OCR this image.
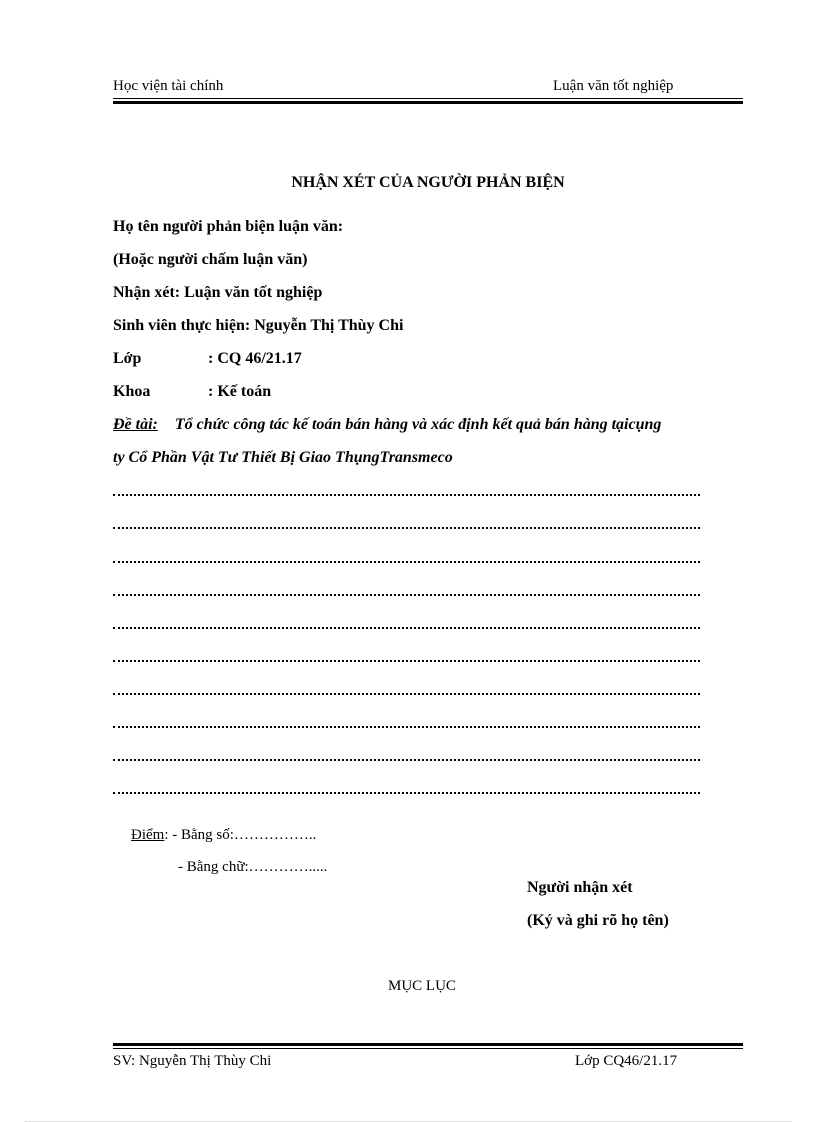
Học viện tài chính	Luận văn tốt nghiệp
NHẬN XÉT CỦA NGƯỜI PHẢN BIỆN
Họ tên người phản biện luận văn:
(Hoặc người chấm luận văn)
Nhận xét: Luận văn tốt nghiệp
Sinh viên thực hiện: Nguyễn Thị Thùy Chi
Lớp	: CQ 46/21.17
Khoa	: Kế toán
Đề tài: Tổ chức công tác kế toán bán hàng và xác định kết quả bán hàng tạicụng
ty Cổ Phần Vật Tư Thiết Bị Giao ThụngTransmeco
Điểm: - Bằng số:……………..
- Bằng chữ:………….....
Người nhận xét
(Ký và ghi rõ họ tên)
MỤC LỤC
SV: Nguyễn Thị Thùy Chi	Lớp CQ46/21.17
